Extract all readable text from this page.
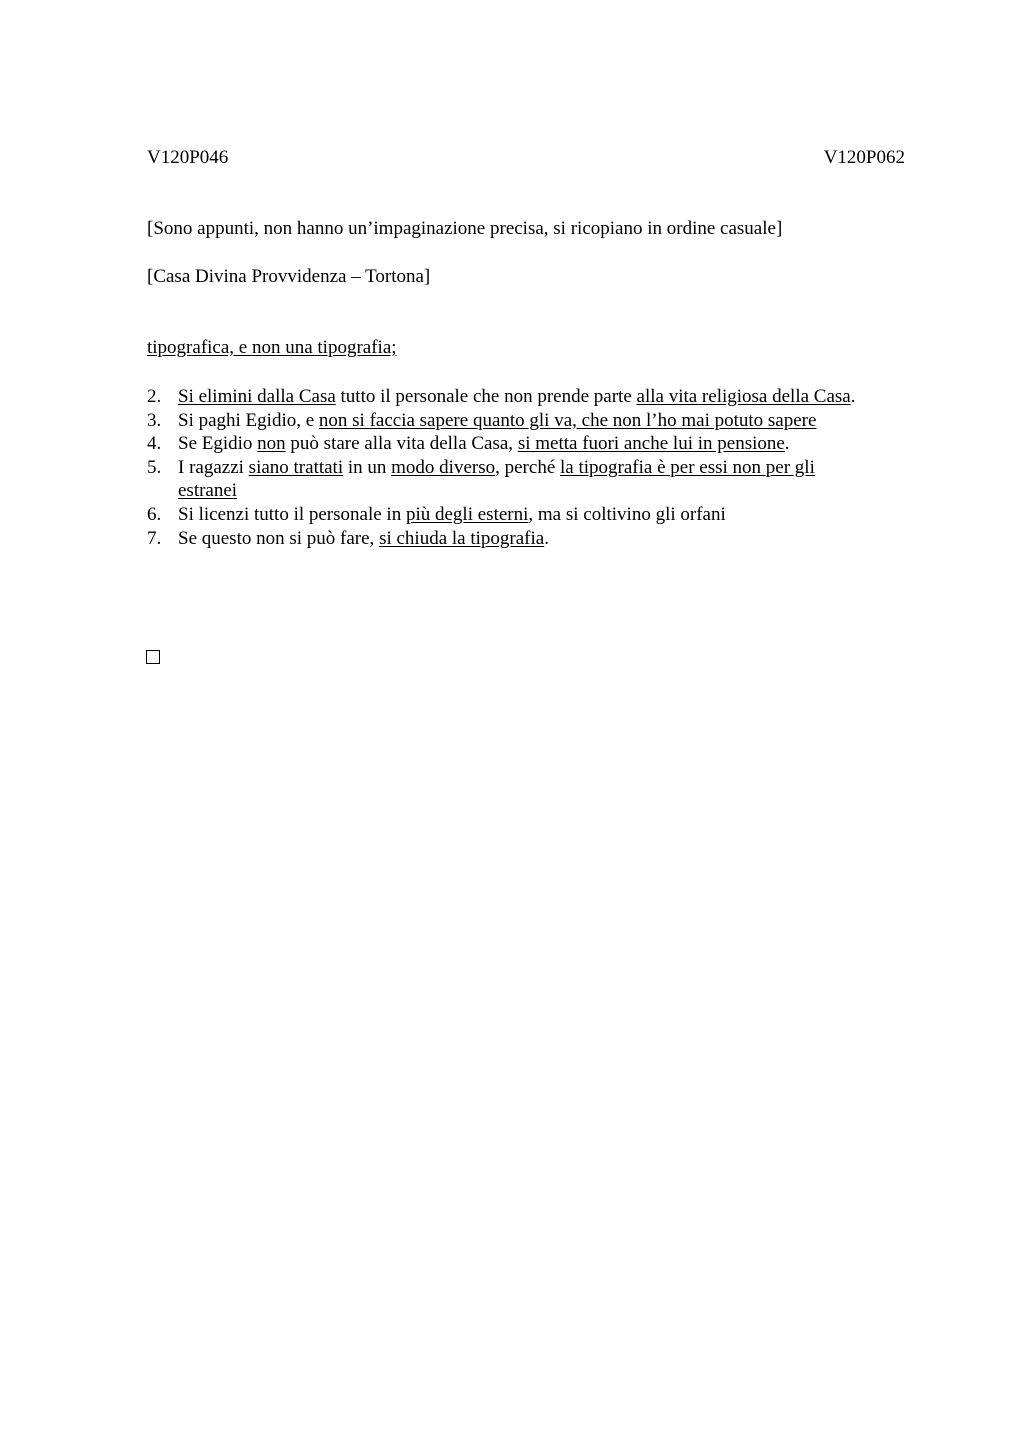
V120P046	V120P062
[Sono appunti, non hanno un’impaginazione precisa, si ricopiano in ordine casuale]
[Casa Divina Provvidenza – Tortona]
tipografica, e non una tipografia;
2. Si elimini dalla Casa tutto il personale che non prende parte alla vita religiosa della Casa.
3. Si paghi Egidio, e non si faccia sapere quanto gli va, che non l’ho mai potuto sapere
4. Se Egidio non può stare alla vita della Casa, si metta fuori anche lui in pensione.
5. I ragazzi siano trattati in un modo diverso, perché la tipografia è per essi non per gli
estranei
6. Si licenzi tutto il personale in più degli esterni, ma si coltivino gli orfani
7. Se questo non si può fare, si chiuda la tipografia.
